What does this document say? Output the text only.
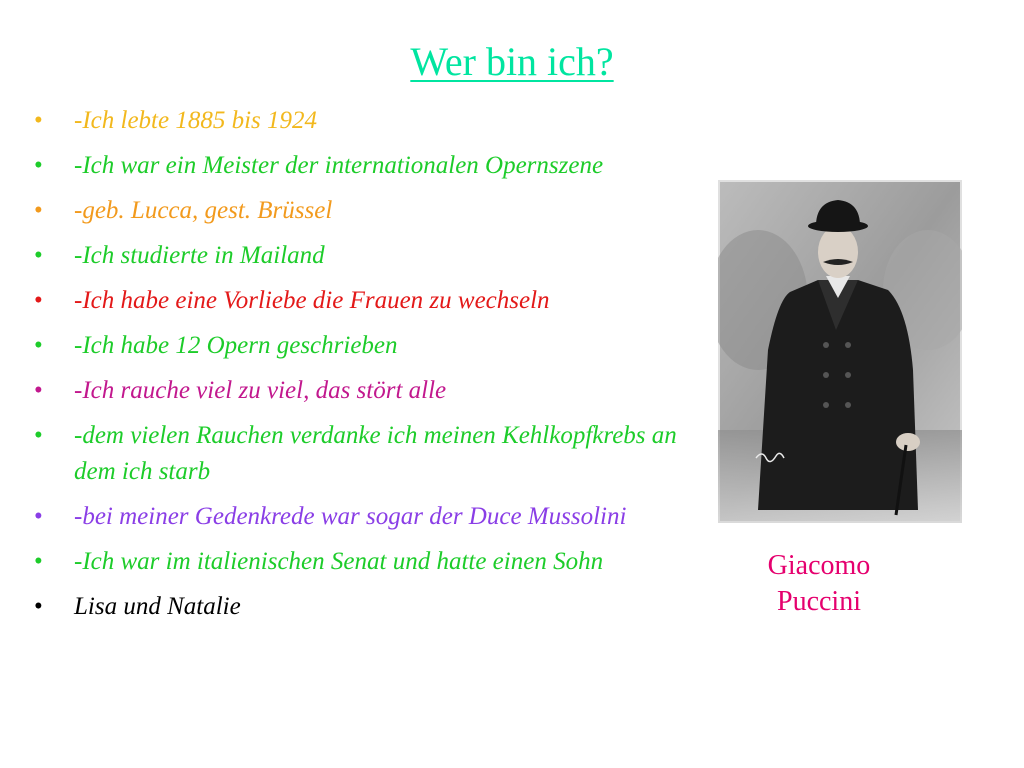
Wer bin ich?
• -Ich lebte 1885 bis 1924
• -Ich war ein Meister der internationalen Opernszene
• -geb. Lucca, gest. Brüssel
• -Ich studierte in Mailand
• -Ich habe eine Vorliebe die Frauen zu wechseln
• -Ich habe 12 Opern geschrieben
• -Ich rauche viel zu viel, das stört alle
• -dem vielen Rauchen verdanke ich meinen Kehlkopfkrebs an dem ich starb
• -bei meiner Gedenkrede war sogar der Duce Mussolini
• -Ich war im italienischen Senat und hatte einen Sohn
• Lisa und Natalie
Giacomo
Puccini
